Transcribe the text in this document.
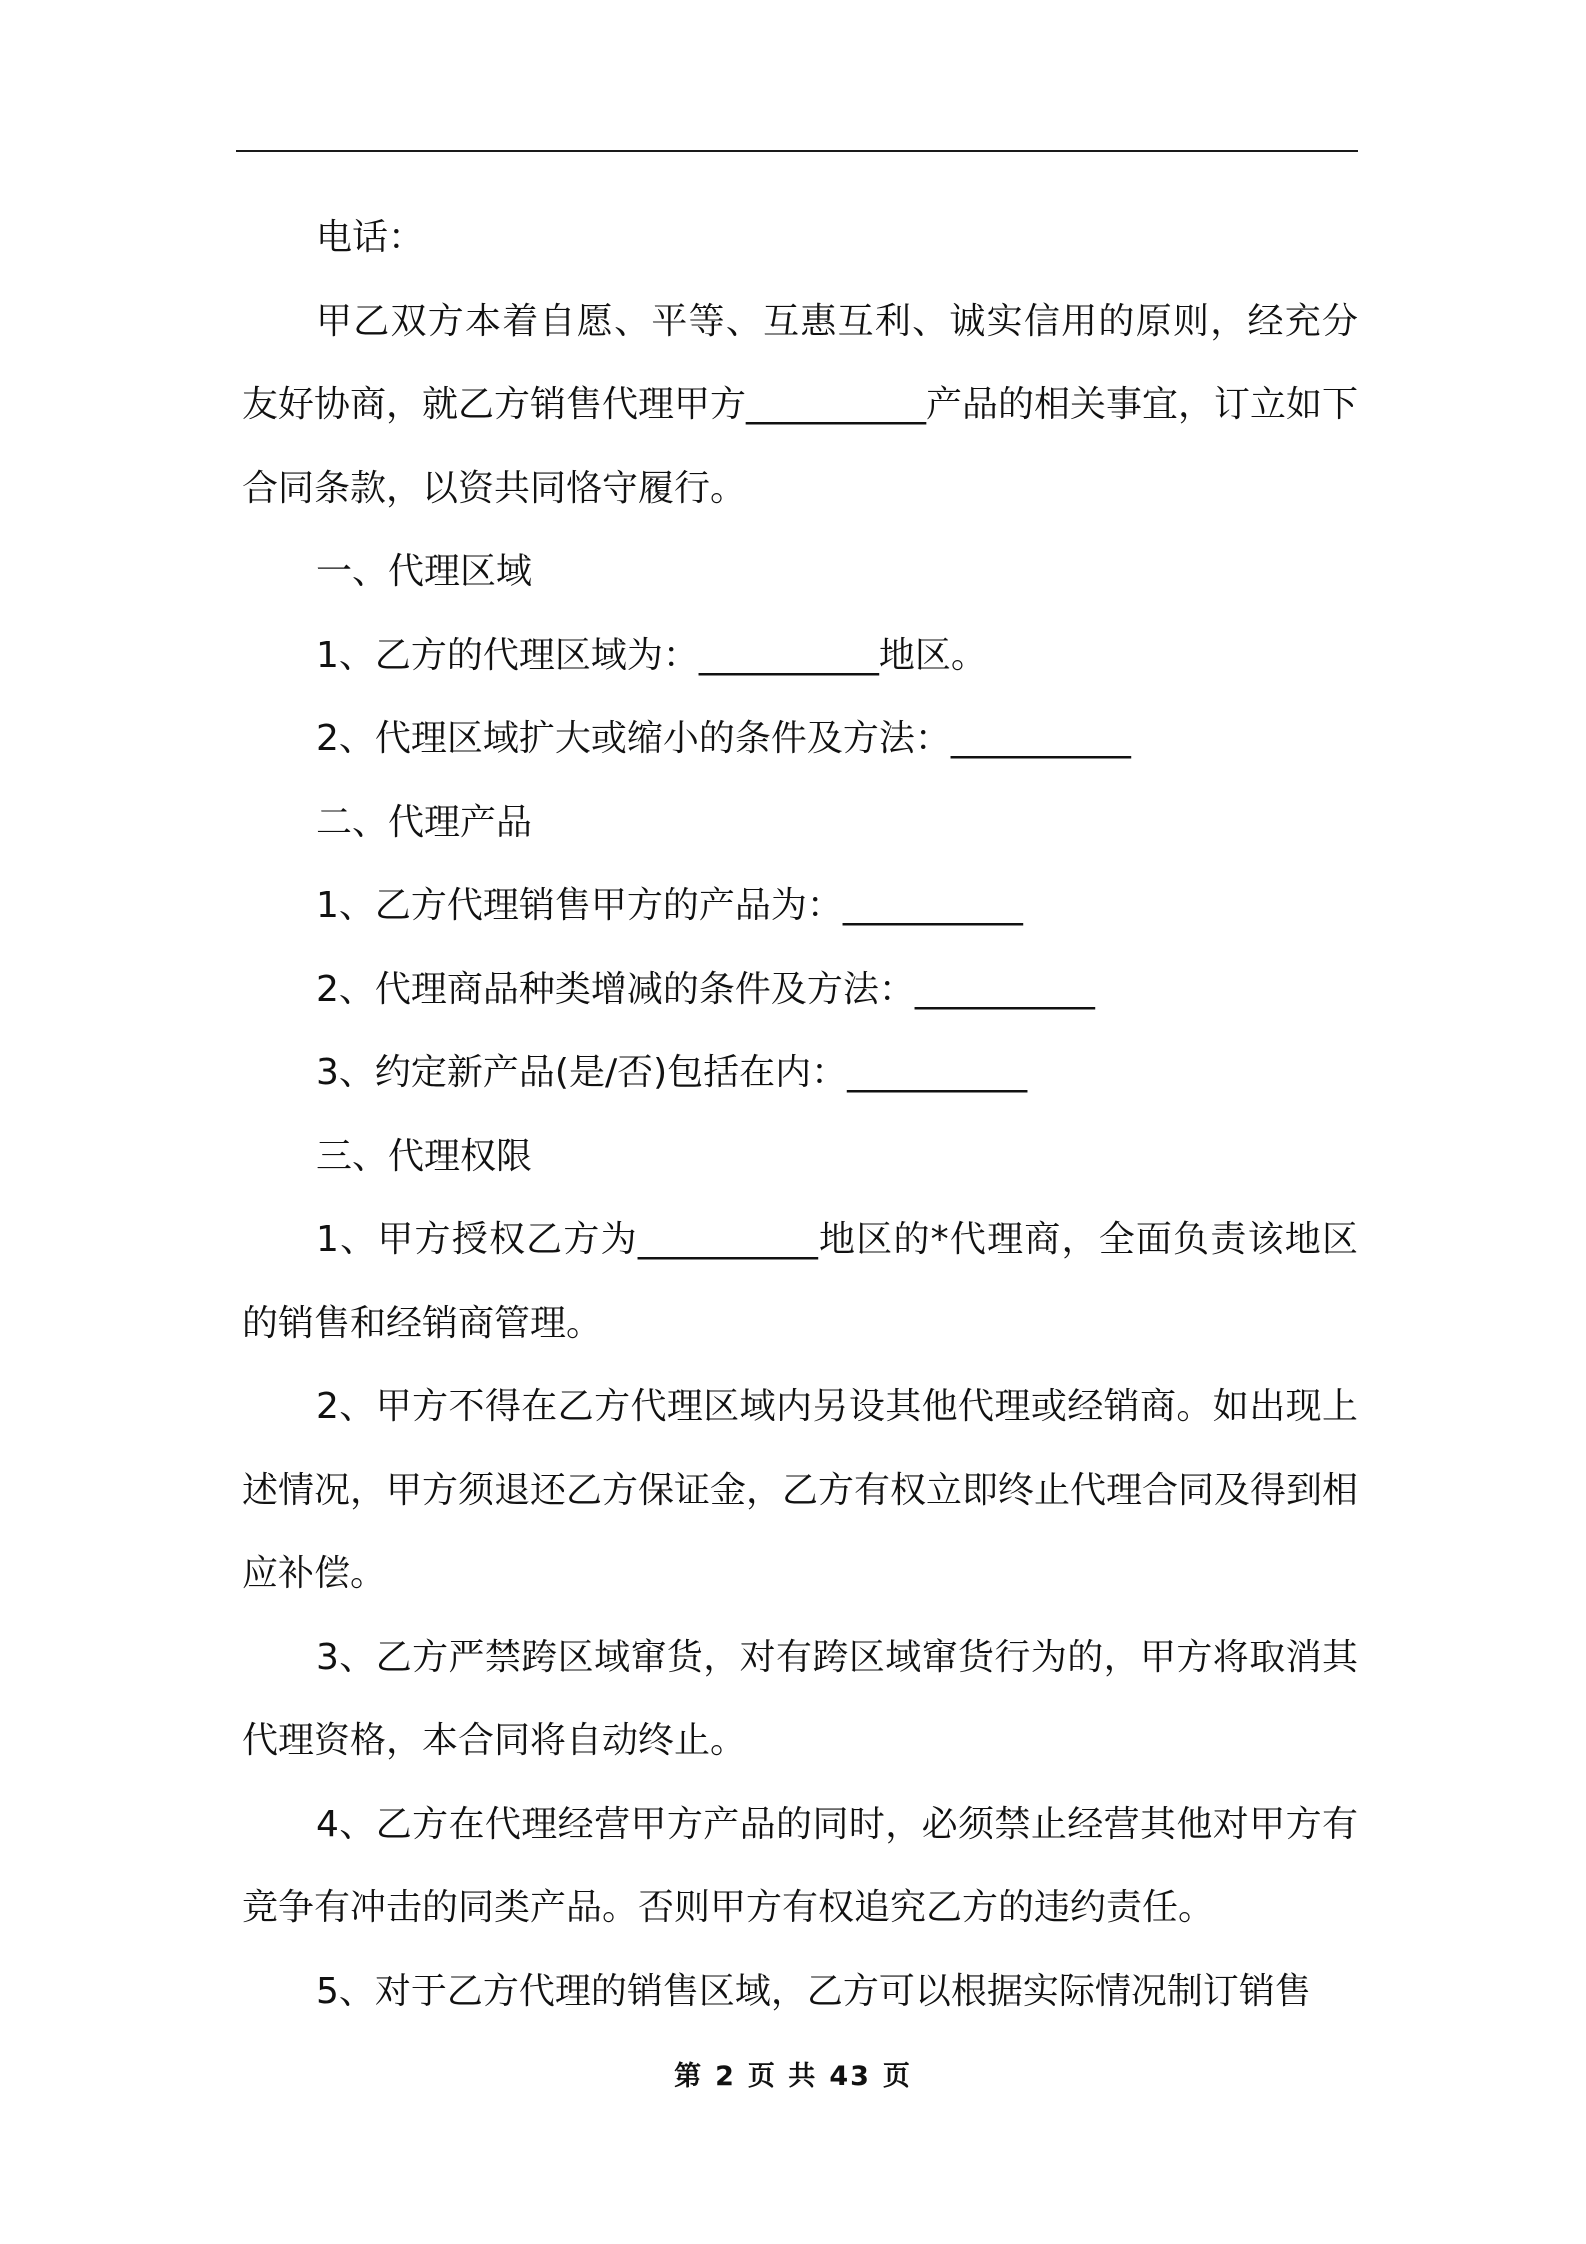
电话：

甲乙双方本着自愿、平等、互惠互利、诚实信用的原则，经充分友好协商，就乙方销售代理甲方__________产品的相关事宜，订立如下合同条款，以资共同恪守履行。

一、代理区域

1、乙方的代理区域为：__________地区。

2、代理区域扩大或缩小的条件及方法：__________

二、代理产品

1、乙方代理销售甲方的产品为：__________

2、代理商品种类增减的条件及方法：__________

3、约定新产品(是/否)包括在内：__________

三、代理权限

1、甲方授权乙方为__________地区的*代理商，全面负责该地区的销售和经销商管理。

2、甲方不得在乙方代理区域内另设其他代理或经销商。如出现上述情况，甲方须退还乙方保证金，乙方有权立即终止代理合同及得到相应补偿。

3、乙方严禁跨区域窜货，对有跨区域窜货行为的，甲方将取消其代理资格，本合同将自动终止。

4、乙方在代理经营甲方产品的同时，必须禁止经营其他对甲方有竞争有冲击的同类产品。否则甲方有权追究乙方的违约责任。

5、对于乙方代理的销售区域，乙方可以根据实际情况制订销售

第 2 页 共 43 页
